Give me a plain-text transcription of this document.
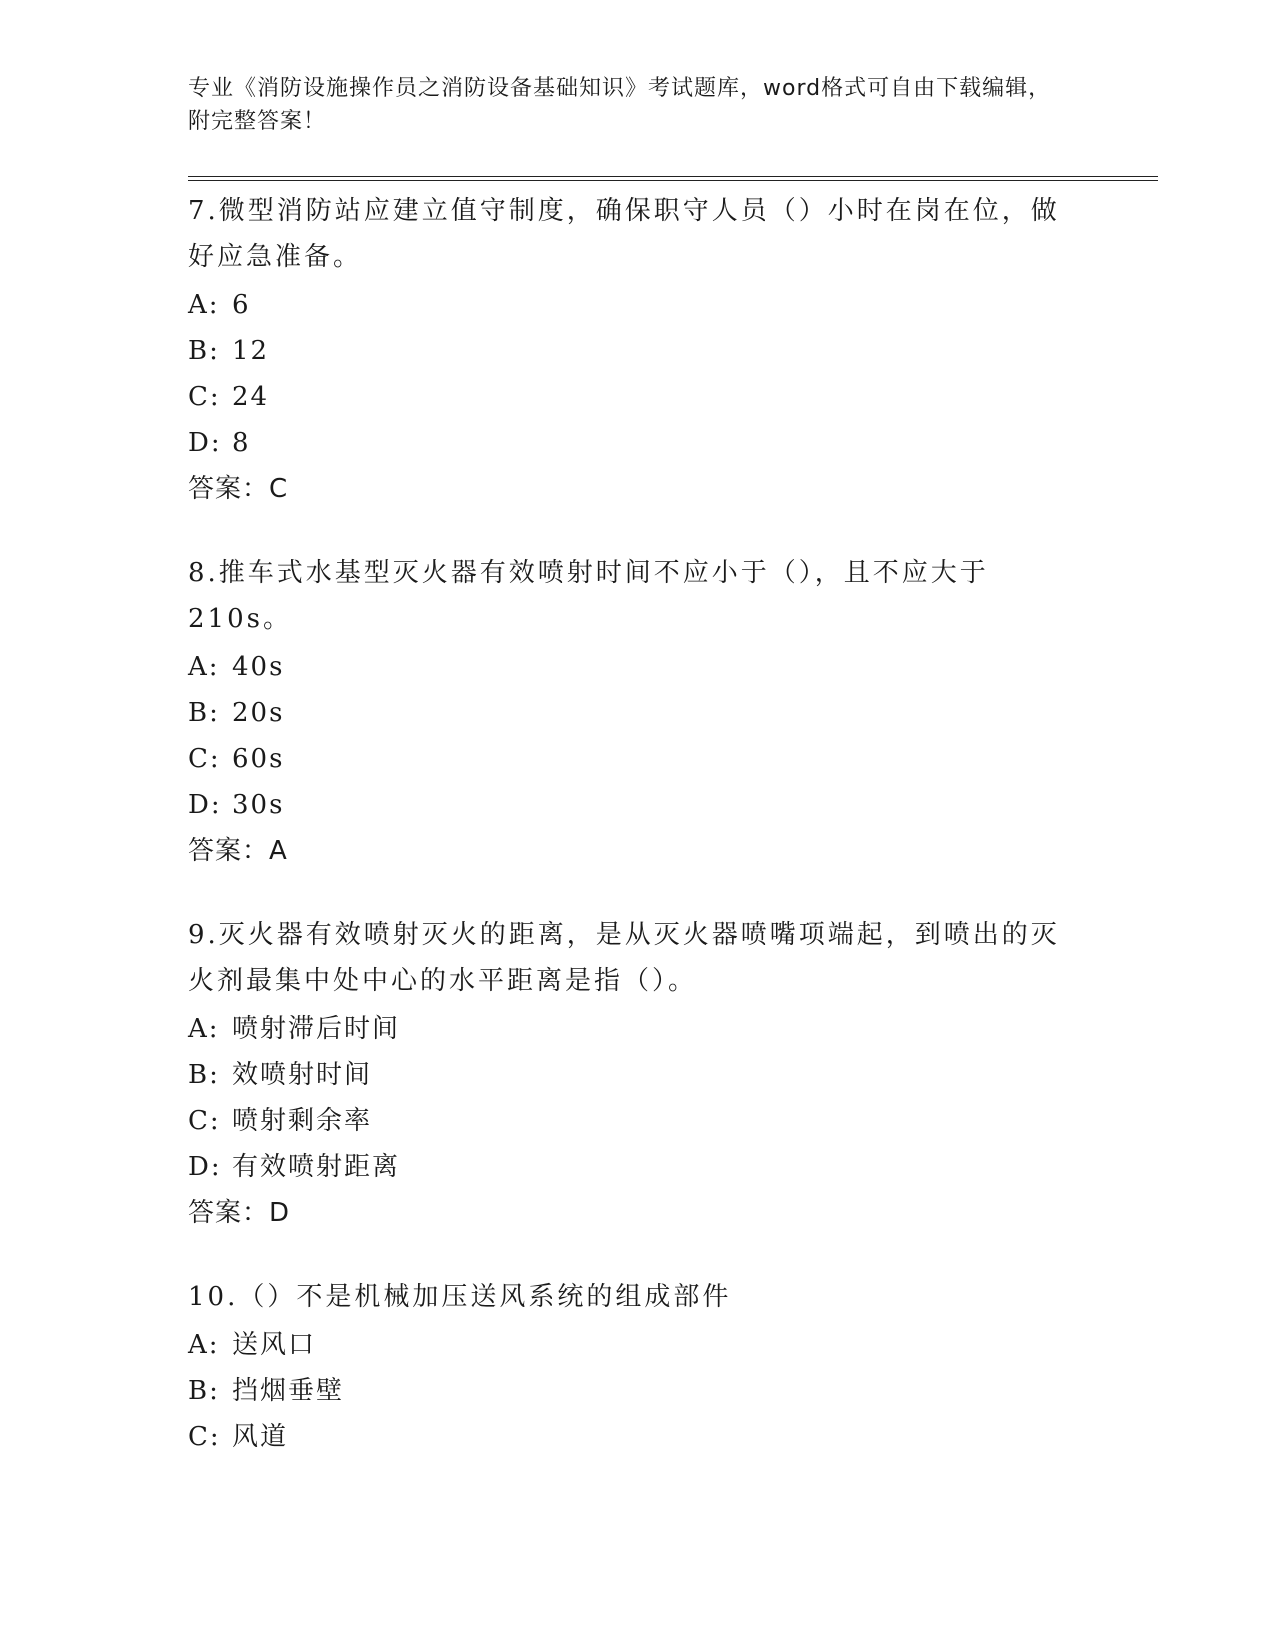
专业《消防设施操作员之消防设备基础知识》考试题库，word格式可自由下载编辑，附完整答案！
7.微型消防站应建立值守制度，确保职守人员（）小时在岗在位，做好应急准备。
A: 6
B: 12
C: 24
D: 8
答案：C
8.推车式水基型灭火器有效喷射时间不应小于（），且不应大于210s。
A: 40s
B: 20s
C: 60s
D: 30s
答案：A
9.灭火器有效喷射灭火的距离，是从灭火器喷嘴项端起，到喷出的灭火剂最集中处中心的水平距离是指（）。
A: 喷射滞后时间
B: 效喷射时间
C: 喷射剩余率
D: 有效喷射距离
答案：D
10.（）不是机械加压送风系统的组成部件
A: 送风口
B: 挡烟垂壁
C: 风道
